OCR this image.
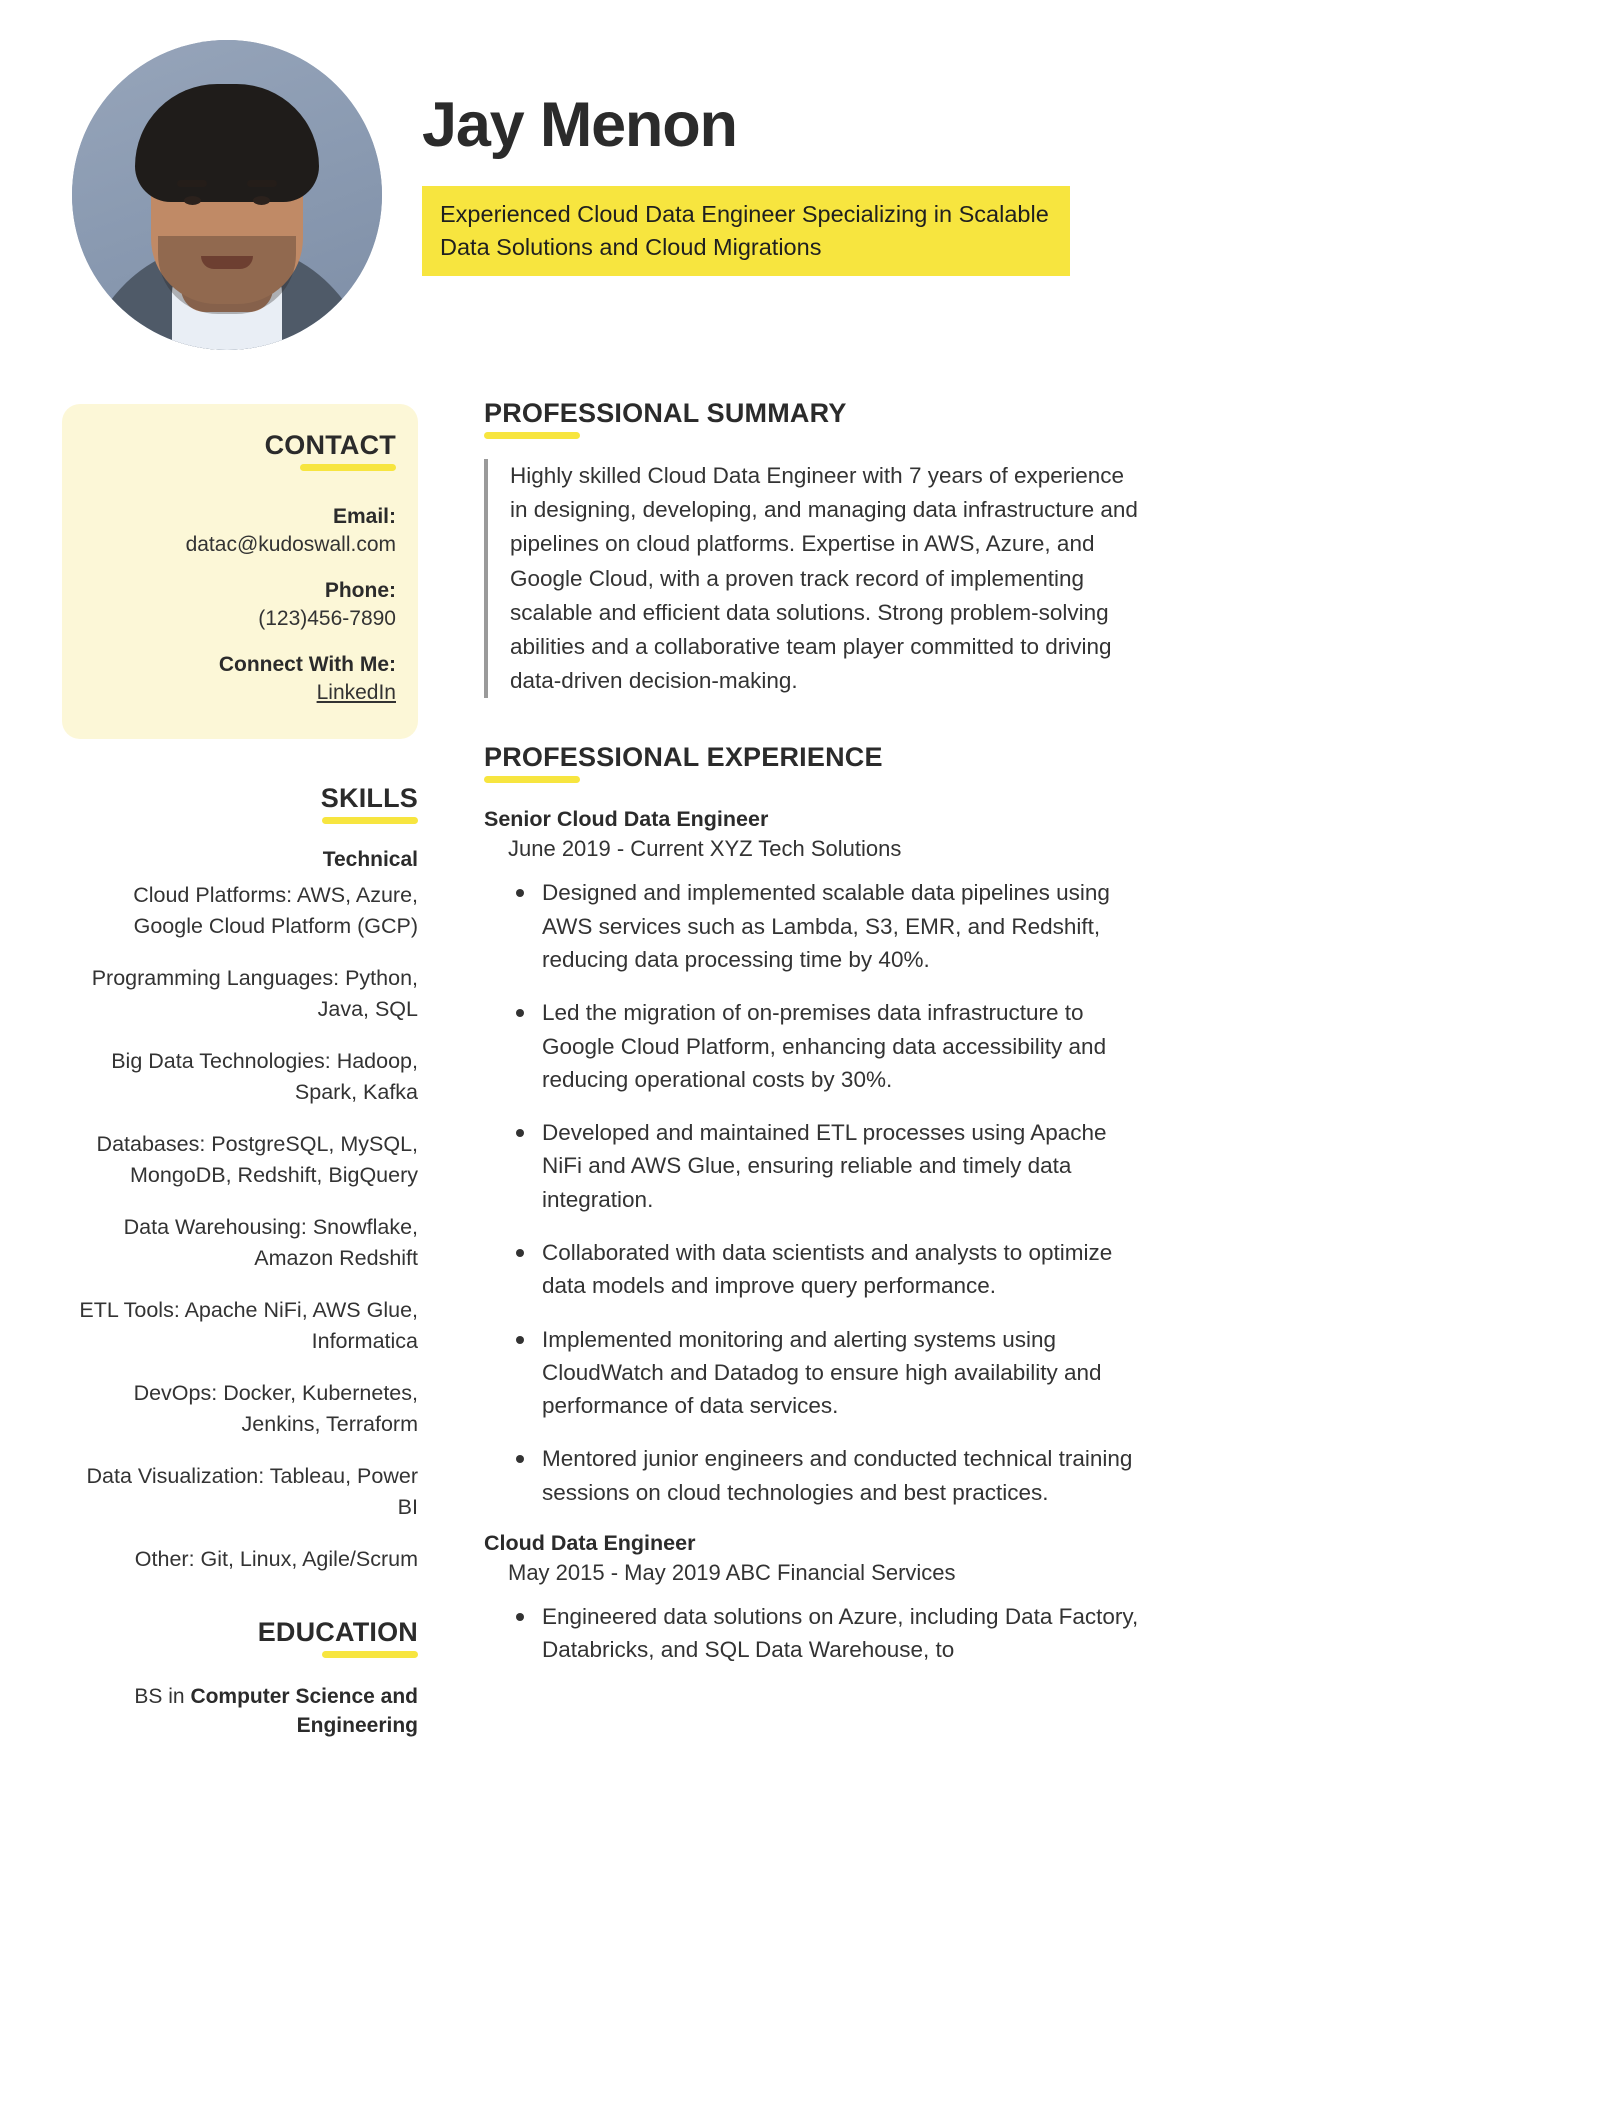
Jay Menon
Experienced Cloud Data Engineer Specializing in Scalable Data Solutions and Cloud Migrations
CONTACT
Email:
datac@kudoswall.com
Phone:
(123)456-7890
Connect With Me:
LinkedIn
SKILLS
Technical
Cloud Platforms: AWS, Azure, Google Cloud Platform (GCP)
Programming Languages: Python, Java, SQL
Big Data Technologies: Hadoop, Spark, Kafka
Databases: PostgreSQL, MySQL, MongoDB, Redshift, BigQuery
Data Warehousing: Snowflake, Amazon Redshift
ETL Tools: Apache NiFi, AWS Glue, Informatica
DevOps: Docker, Kubernetes, Jenkins, Terraform
Data Visualization: Tableau, Power BI
Other: Git, Linux, Agile/Scrum
EDUCATION
BS in Computer Science and Engineering
PROFESSIONAL SUMMARY
Highly skilled Cloud Data Engineer with 7 years of experience in designing, developing, and managing data infrastructure and pipelines on cloud platforms. Expertise in AWS, Azure, and Google Cloud, with a proven track record of implementing scalable and efficient data solutions. Strong problem-solving abilities and a collaborative team player committed to driving data-driven decision-making.
PROFESSIONAL EXPERIENCE
Senior Cloud Data Engineer
June 2019 - Current XYZ Tech Solutions
Designed and implemented scalable data pipelines using AWS services such as Lambda, S3, EMR, and Redshift, reducing data processing time by 40%.
Led the migration of on-premises data infrastructure to Google Cloud Platform, enhancing data accessibility and reducing operational costs by 30%.
Developed and maintained ETL processes using Apache NiFi and AWS Glue, ensuring reliable and timely data integration.
Collaborated with data scientists and analysts to optimize data models and improve query performance.
Implemented monitoring and alerting systems using CloudWatch and Datadog to ensure high availability and performance of data services.
Mentored junior engineers and conducted technical training sessions on cloud technologies and best practices.
Cloud Data Engineer
May 2015 - May 2019 ABC Financial Services
Engineered data solutions on Azure, including Data Factory, Databricks, and SQL Data Warehouse, to
